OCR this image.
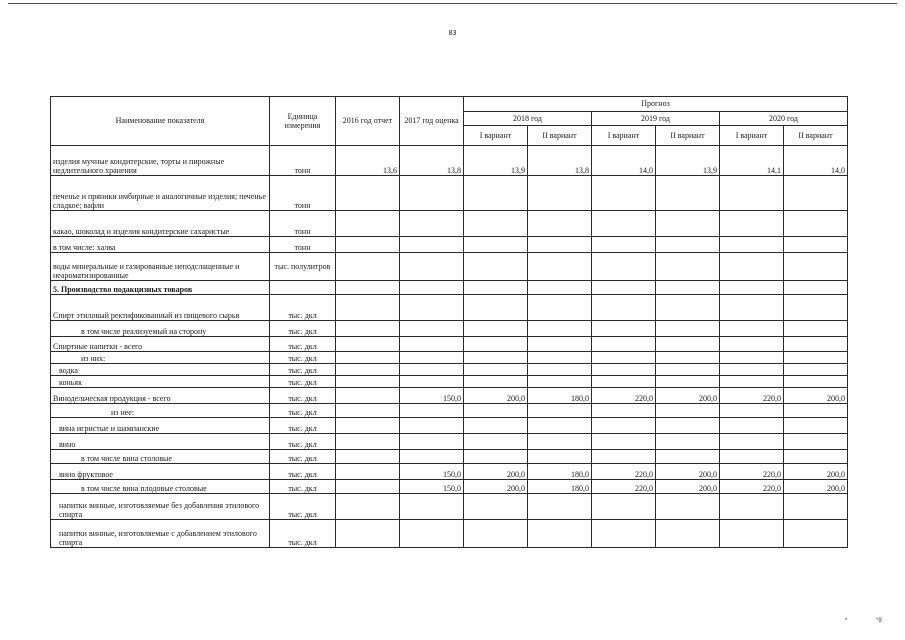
83
*	°9
Наименование показателя	Единица измерения	2016 год отчет	2017 год оценка	Прогноз					
				2018 год		2019 год		2020 год	
				I вариант	II вариант	I вариант	II вариант	I вариант	II вариант
изделия мучные кондитерские, торты и пирожные недлительного хранения	тонн	13,6	13,8	13,9	13,8	14,0	13,9	14,1	14,0
печенье и пряники имбирные и аналогичные изделия; печенье сладкое; вафли	тонн								
какао, шоколад и изделия кондитерские сахаристые	тонн								
в том числе: халва	тонн								
воды минеральные и газированные неподслащенные и неароматизированные	тыс. полулитров								
5. Производство подакцизных товаров									
Спирт этиловый ректификованный из пищевого сырья	тыс. дкл								
в том числе реализуемый на сторону	тыс. дкл								
Спиртные напитки - всего	тыс. дкл								
из них:	тыс. дкл								
водка	тыс. дкл								
коньяк	тыс. дкл								
Винодельческая продукция - всего	тыс. дкл		150,0	200,0	180,0	220,0	200,0	220,0	200,0
из нее:	тыс. дкл								
вина игристые и шампанские	тыс. дкл								
вино	тыс. дкл								
в том числе вина столовые	тыс. дкл								
вино фруктовое	тыс. дкл		150,0	200,0	180,0	220,0	200,0	220,0	200,0
в том числе вина плодовые столовые	тыс. дкл		150,0	200,0	180,0	220,0	200,0	220,0	200,0
напитки винные, изготовляемые без добавления этилового спирта	тыс. дкл								
напитки винные, изготовляемые с добавлением этилового спирта	тыс. дкл								
